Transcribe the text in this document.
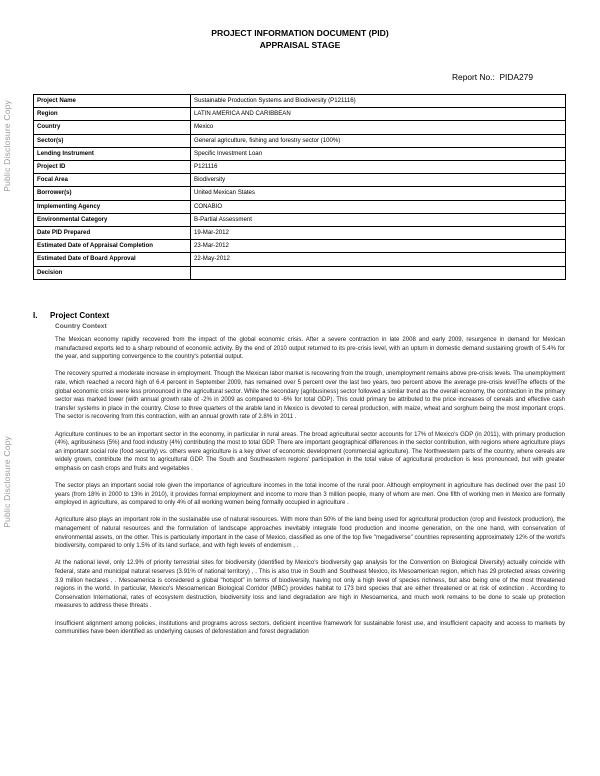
Public Disclosure Copy
Public Disclosure Copy
PROJECT INFORMATION DOCUMENT (PID)
APPRAISAL STAGE
Report No.: PIDA279
Project Name	Sustainable Production Systems and Biodiversity (P121116)
Region	LATIN AMERICA AND CARIBBEAN
Country	Mexico
Sector(s)	General agriculture, fishing and forestry sector (100%)
Lending Instrument	Specific Investment Loan
Project ID	P121116
Focal Area	Biodiversity
Borrower(s)	United Mexican States
Implementing Agency	CONABIO
Environmental Category	B-Partial Assessment
Date PID Prepared	19-Mar-2012
Estimated Date of Appraisal Completion	23-Mar-2012
Estimated Date of Board Approval	22-May-2012
Decision	
I. Project Context
Country Context

The Mexican economy rapidly recovered from the impact of the global economic crisis. After a severe contraction in late 2008 and early 2009, resurgence in demand for Mexican manufactured exports led to a sharp rebound of economic activity. By the end of 2010 output returned to its pre-crisis level, with an upturn in domestic demand sustaining growth of 5.4% for the year, and supporting convergence to the country's potential output.

The recovery spurred a moderate increase in employment. Though the Mexican labor market is recovering from the trough, unemployment remains above pre-crisis levels. The unemployment rate, which reached a record high of 6.4 percent in September 2009, has remained over 5 percent over the last two years, two percent above the average pre-crisis levelThe effects of the global economic crisis were less pronounced in the agricultural sector. While the secondary (agribusiness) sector followed a similar trend as the overall economy, the contraction in the primary sector was marked lower (with annual growth rate of -2% in 2009 as compared to -6% for total GDP). This could primary be attributed to the price increases of cereals and effective cash transfer systems in place in the country. Close to three quarters of the arable land in Mexico is devoted to cereal production, with maize, wheat and sorghum being the most important crops. The sector is recovering from this contraction, with an annual growth rate of 2.8% in 2011 .

Agriculture continues to be an important sector in the economy, in particular in rural areas. The broad agricultural sector accounts for 17% of Mexico's GDP (in 2011), with primary production (4%), agribusiness (5%) and food industry (4%) contributing the most to total GDP. There are important geographical differences in the sector contribution, with regions where agriculture plays an important social role (food security) vs. others were agriculture is a key driver of economic development (commercial agriculture). The Northwestern parts of the country, where cereals are widely grown, contribute the most to agricultural GDP. The South and Southeastern regions' participation in the total value of agricultural production is less pronounced, but with greater emphasis on cash crops and fruits and vegetables .

The sector plays an important social role given the importance of agriculture incomes in the total income of the rural poor. Although employment in agriculture has declined over the past 10 years (from 18% in 2000 to 13% in 2010), it provides formal employment and income to more than 3 million people, many of whom are men. One fifth of working men in Mexico are formally employed in agriculture, as compared to only 4% of all working women being formally occupied in agriculture .

Agriculture also plays an important role in the sustainable use of natural resources. With more than 50% of the land being used for agricultural production (crop and livestock production), the management of natural resources and the formulation of landscape approaches inevitably integrate food production and income generation, on the one hand, with conservation of environmental assets, on the other. This is particularly important in the case of Mexico, classified as one of the top five "megadiverse" countries representing approximately 12% of the world's biodiversity, compared to only 1.5% of its land surface, and with high levels of endemism , .

At the national level, only 12.9% of priority terrestrial sites for biodiversity (identified by Mexico's biodiversity gap analysis for the Convention on Biological Diversity) actually coincide with federal, state and municipal natural reserves (3.91% of national territory) , . This is also true in South and Southeast Mexico, its Mesoamerican region, which has 29 protected areas covering 3.9 million hectares , . Mesoamerica is considered a global "hotspot" in terms of biodiversity, having not only a high level of species richness, but also being one of the most threatened regions in the world. In particular, Mexico's Mesoamerican Biological Corridor (MBC) provides habitat to 173 bird species that are either threatened or at risk of extinction . According to Conservation International, rates of ecosystem destruction, biodiversity loss and land degradation are high in Mesoamerica, and much work remains to be done to scale up protection measures to address these threats .

Insufficient alignment among policies, institutions and programs across sectors, deficient incentive framework for sustainable forest use, and insufficient capacity and access to markets by communities have been identified as underlying causes of deforestation and forest degradation
